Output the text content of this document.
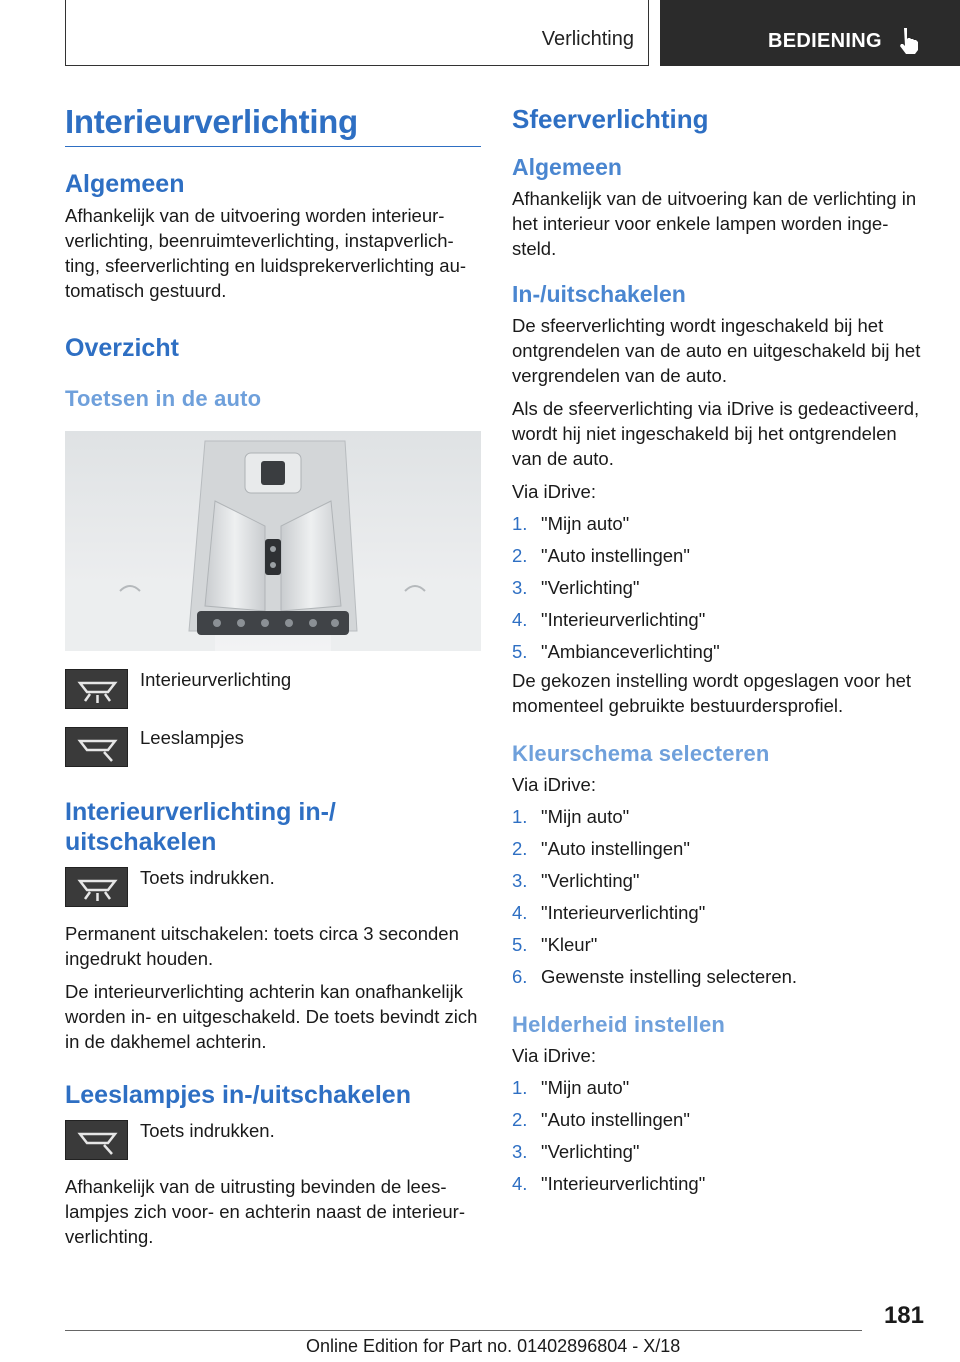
Verlichting	BEDIENING
Interieurverlichting
Algemeen
Afhankelijk van de uitvoering worden interieur-verlichting, beenruimteverlichting, instapverlich-ting, sfeerverlichting en luidsprekerverlichting au-tomatisch gestuurd.
Overzicht
Toetsen in de auto
Interieurverlichting
Leeslampjes
Interieurverlichting in-/ uitschakelen
Toets indrukken.
Permanent uitschakelen: toets circa 3 seconden ingedrukt houden.
De interieurverlichting achterin kan onafhankelijk worden in- en uitgeschakeld. De toets bevindt zich in de dakhemel achterin.
Leeslampjes in-/uitschakelen
Toets indrukken.
Afhankelijk van de uitrusting bevinden de lees-lampjes zich voor- en achterin naast de interieur-verlichting.
Sfeerverlichting
Algemeen
Afhankelijk van de uitvoering kan de verlichting in het interieur voor enkele lampen worden inge-steld.
In-/uitschakelen
De sfeerverlichting wordt ingeschakeld bij het ontgrendelen van de auto en uitgeschakeld bij het vergrendelen van de auto.
Als de sfeerverlichting via iDrive is gedeactiveerd, wordt hij niet ingeschakeld bij het ontgrendelen van de auto.
Via iDrive:
1. "Mijn auto"
2. "Auto instellingen"
3. "Verlichting"
4. "Interieurverlichting"
5. "Ambianceverlichting"
De gekozen instelling wordt opgeslagen voor het momenteel gebruikte bestuurdersprofiel.
Kleurschema selecteren
Via iDrive:
1. "Mijn auto"
2. "Auto instellingen"
3. "Verlichting"
4. "Interieurverlichting"
5. "Kleur"
6. Gewenste instelling selecteren.
Helderheid instellen
Via iDrive:
1. "Mijn auto"
2. "Auto instellingen"
3. "Verlichting"
4. "Interieurverlichting"
181
Online Edition for Part no. 01402896804 - X/18
